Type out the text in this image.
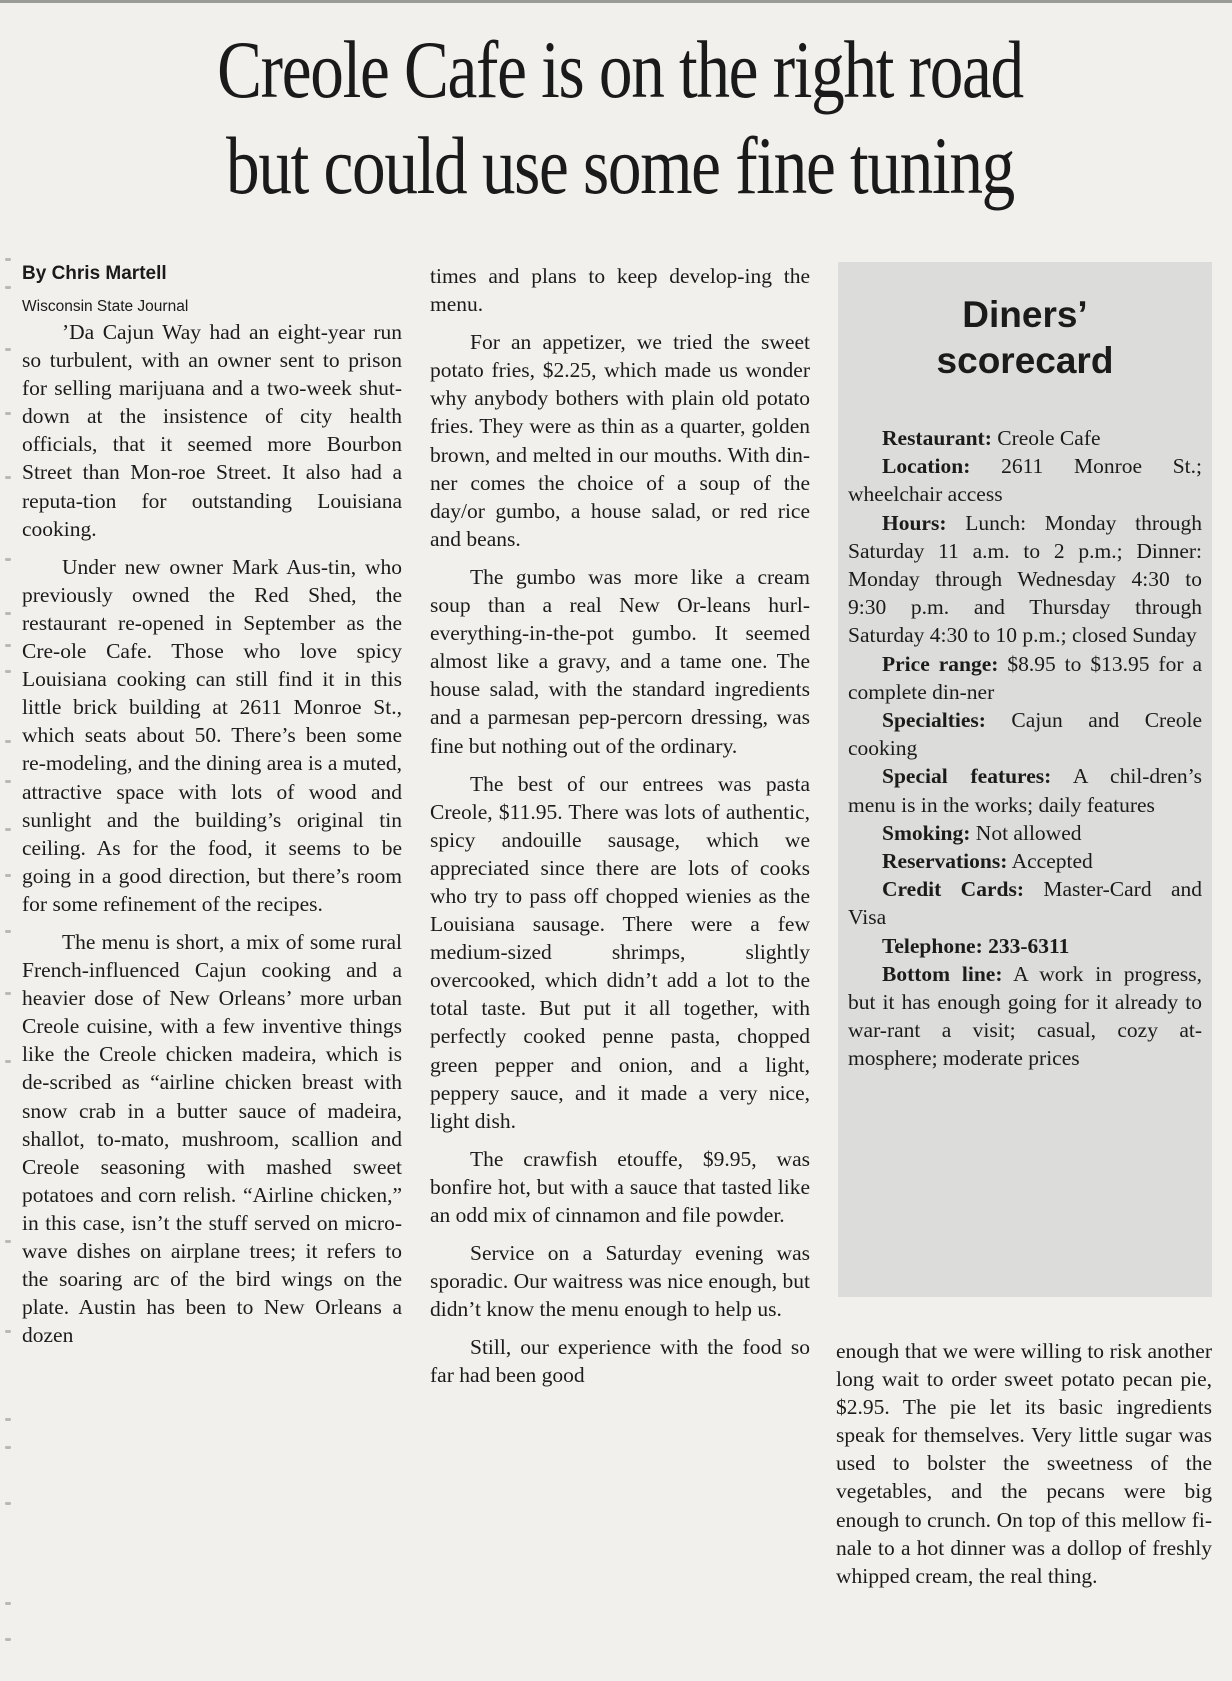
Creole Cafe is on the right road
but could use some fine tuning

By Chris Martell

Wisconsin State Journal

’Da Cajun Way had an eight-year run so turbulent, with an owner sent to prison for selling marijuana and a two-week shut-down at the insistence of city health officials, that it seemed more Bourbon Street than Mon-roe Street. It also had a reputa-tion for outstanding Louisiana cooking.

Under new owner Mark Aus-tin, who previously owned the Red Shed, the restaurant re-opened in September as the Cre-ole Cafe. Those who love spicy Louisiana cooking can still find it in this little brick building at 2611 Monroe St., which seats about 50. There’s been some re-modeling, and the dining area is a muted, attractive space with lots of wood and sunlight and the building’s original tin ceiling. As for the food, it seems to be going in a good direction, but there’s room for some refinement of the recipes.

The menu is short, a mix of some rural French-influenced Cajun cooking and a heavier dose of New Orleans’ more urban Creole cuisine, with a few inventive things like the Creole chicken madeira, which is de-scribed as “airline chicken breast with snow crab in a butter sauce of madeira, shallot, to-mato, mushroom, scallion and Creole seasoning with mashed sweet potatoes and corn relish. “Airline chicken,” in this case, isn’t the stuff served on micro-wave dishes on airplane trees; it refers to the soaring arc of the bird wings on the plate. Austin has been to New Orleans a dozen

times and plans to keep develop-ing the menu.

For an appetizer, we tried the sweet potato fries, $2.25, which made us wonder why anybody bothers with plain old potato fries. They were as thin as a quarter, golden brown, and melted in our mouths. With din-ner comes the choice of a soup of the day/or gumbo, a house salad, or red rice and beans.

The gumbo was more like a cream soup than a real New Or-leans hurl-everything-in-the-pot gumbo. It seemed almost like a gravy, and a tame one. The house salad, with the standard ingredients and a parmesan pep-percorn dressing, was fine but nothing out of the ordinary.

The best of our entrees was pasta Creole, $11.95. There was lots of authentic, spicy andouille sausage, which we appreciated since there are lots of cooks who try to pass off chopped wienies as the Louisiana sausage. There were a few medium-sized shrimps, slightly overcooked, which didn’t add a lot to the total taste. But put it all together, with perfectly cooked penne pasta, chopped green pepper and onion, and a light, peppery sauce, and it made a very nice, light dish.

The crawfish etouffe, $9.95, was bonfire hot, but with a sauce that tasted like an odd mix of cinnamon and file powder.

Service on a Saturday evening was sporadic. Our waitress was nice enough, but didn’t know the menu enough to help us.

Still, our experience with the food so far had been good

Diners’
scorecard
Restaurant: Creole Cafe
Location: 2611 Monroe St.; wheelchair access
Hours: Lunch: Monday through Saturday 11 a.m. to 2 p.m.; Dinner: Monday through Wednesday 4:30 to 9:30 p.m. and Thursday through Saturday 4:30 to 10 p.m.; closed Sunday
Price range: $8.95 to $13.95 for a complete din-ner
Specialties: Cajun and Creole cooking
Special features: A chil-dren’s menu is in the works; daily features
Smoking: Not allowed
Reservations: Accepted
Credit Cards: Master-Card and Visa
Telephone: 233-6311
Bottom line: A work in progress, but it has enough going for it already to war-rant a visit; casual, cozy at-mosphere; moderate prices

enough that we were willing to risk another long wait to order sweet potato pecan pie, $2.95. The pie let its basic ingredients speak for themselves. Very little sugar was used to bolster the sweetness of the vegetables, and the pecans were big enough to crunch. On top of this mellow fi-nale to a hot dinner was a dollop of freshly whipped cream, the real thing.
